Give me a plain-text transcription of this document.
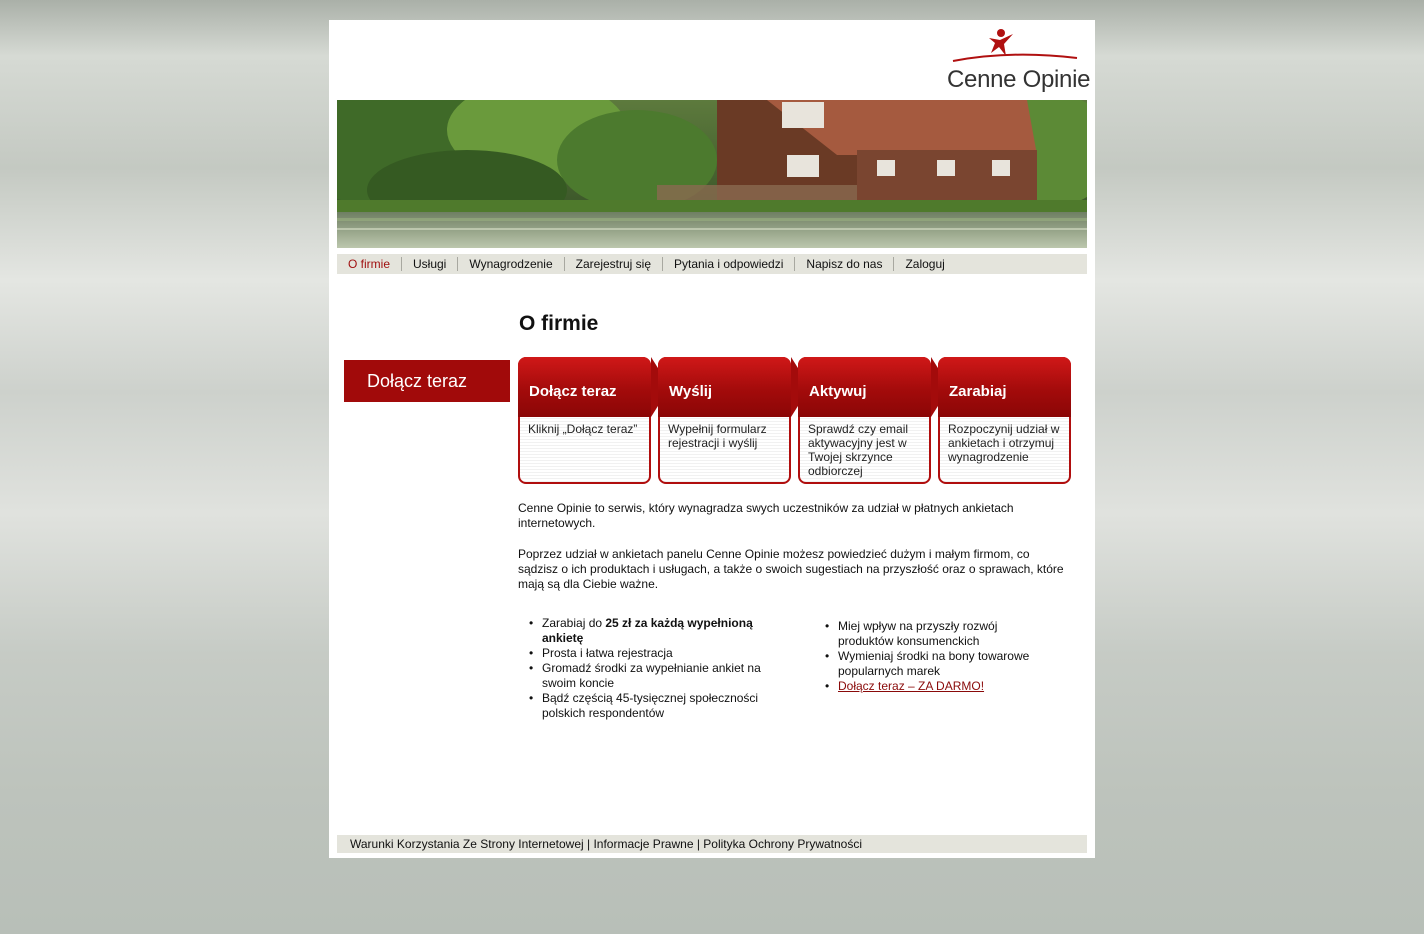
Cenne Opinie
O firmie	Usługi	Wynagrodzenie	Zarejestruj się	Pytania i odpowiedzi	Napisz do nas	Zaloguj
O firmie
Dołącz teraz
Dołącz teraz
Kliknij „Dołącz teraz”
Wyślij
Wypełnij formularz rejestracji i wyślij
Aktywuj
Sprawdź czy email aktywacyjny jest w Twojej skrzynce odbiorczej
Zarabiaj
Rozpoczynij udział w ankietach i otrzymuj wynagrodzenie
Cenne Opinie to serwis, który wynagradza swych uczestników za udział w płatnych ankietach internetowych.
Poprzez udział w ankietach panelu Cenne Opinie możesz powiedzieć dużym i małym firmom, co sądzisz o ich produktach i usługach, a także o swoich sugestiach na przyszłość oraz o sprawach, które mają są dla Ciebie ważne.
• Zarabiaj do 25 zł za każdą wypełnioną ankietę
• Prosta i łatwa rejestracja
• Gromadź środki za wypełnianie ankiet na swoim koncie
• Bądź częścią 45-tysięcznej społeczności polskich respondentów
• Miej wpływ na przyszły rozwój produktów konsumenckich
• Wymieniaj środki na bony towarowe popularnych marek
• Dołącz teraz – ZA DARMO!
Warunki Korzystania Ze Strony Internetowej | Informacje Prawne | Polityka Ochrony Prywatności
